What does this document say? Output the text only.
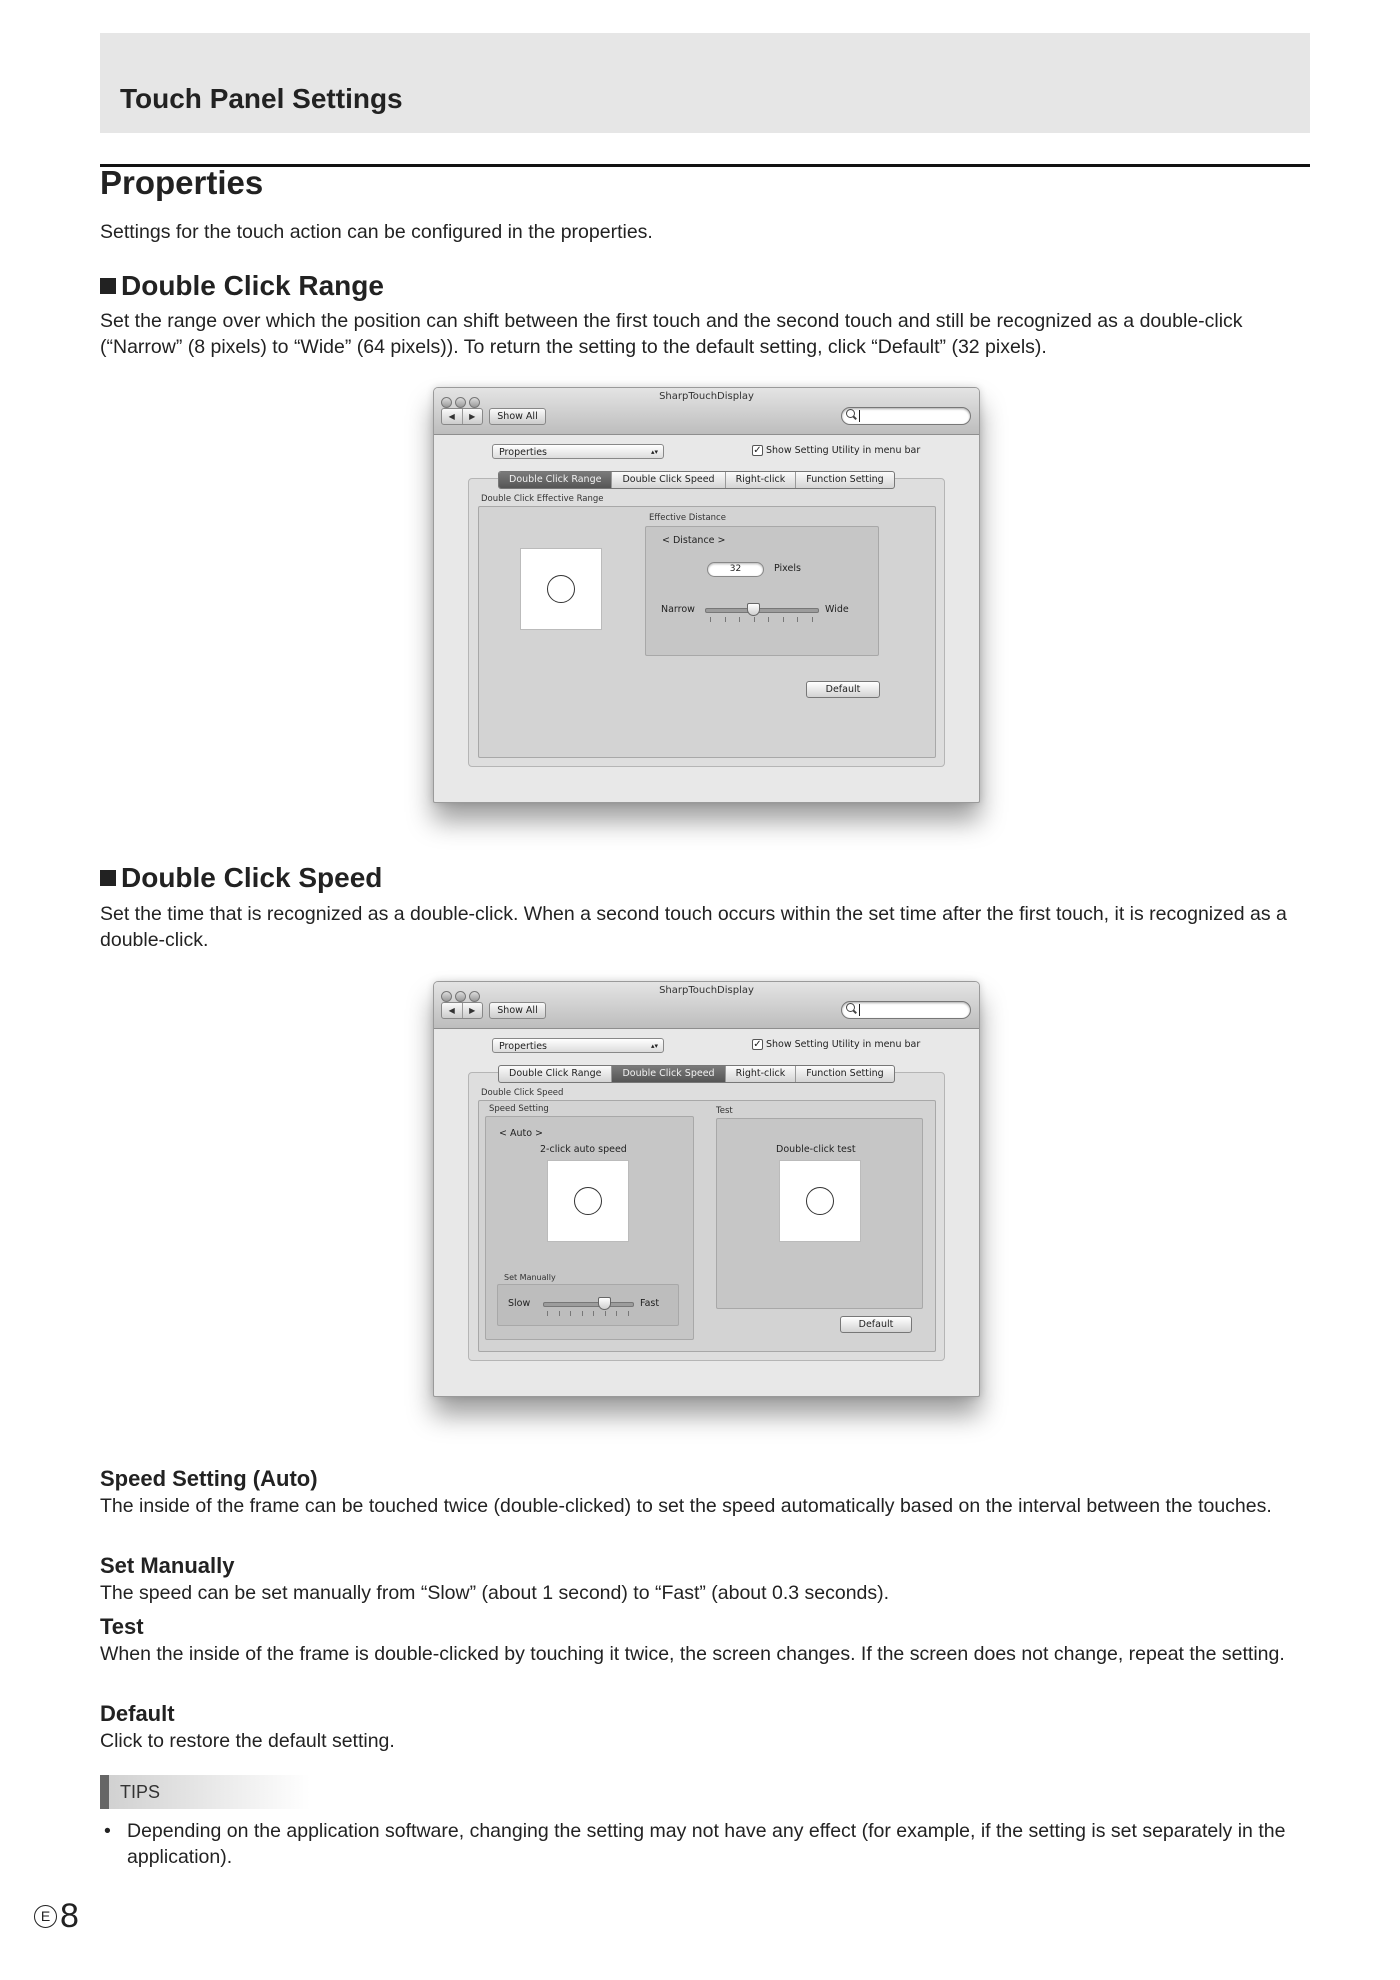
Touch Panel Settings
Properties
Settings for the touch action can be configured in the properties.
Double Click Range
Set the range over which the position can shift between the first touch and the second touch and still be recognized as a double-click (“Narrow” (8 pixels) to “Wide” (64 pixels)). To return the setting to the default setting, click “Default” (32 pixels).
SharpTouchDisplay
◀	▶	Show All
Properties	▴▾	✓ Show Setting Utility in menu bar
Double Click Range	Double Click Speed	Right-click	Function Setting
Double Click Effective Range
Effective Distance
< Distance >
32	Pixels
Narrow	Wide
Default
Double Click Speed
Set the time that is recognized as a double-click. When a second touch occurs within the set time after the first touch, it is recognized as a double-click.
SharpTouchDisplay
◀	▶	Show All
Properties	▴▾	✓ Show Setting Utility in menu bar
Double Click Range	Double Click Speed	Right-click	Function Setting
Double Click Speed
Speed Setting
< Auto >
2-click auto speed
Set Manually
Slow	Fast
Test
Double-click test
Default
Speed Setting (Auto)
The inside of the frame can be touched twice (double-clicked) to set the speed automatically based on the interval between the touches.
Set Manually
The speed can be set manually from “Slow” (about 1 second) to “Fast” (about 0.3 seconds).
Test
When the inside of the frame is double-clicked by touching it twice, the screen changes. If the screen does not change, repeat the setting.
Default
Click to restore the default setting.
TIPS
• Depending on the application software, changing the setting may not have any effect (for example, if the setting is set separately in the application).
E 8
